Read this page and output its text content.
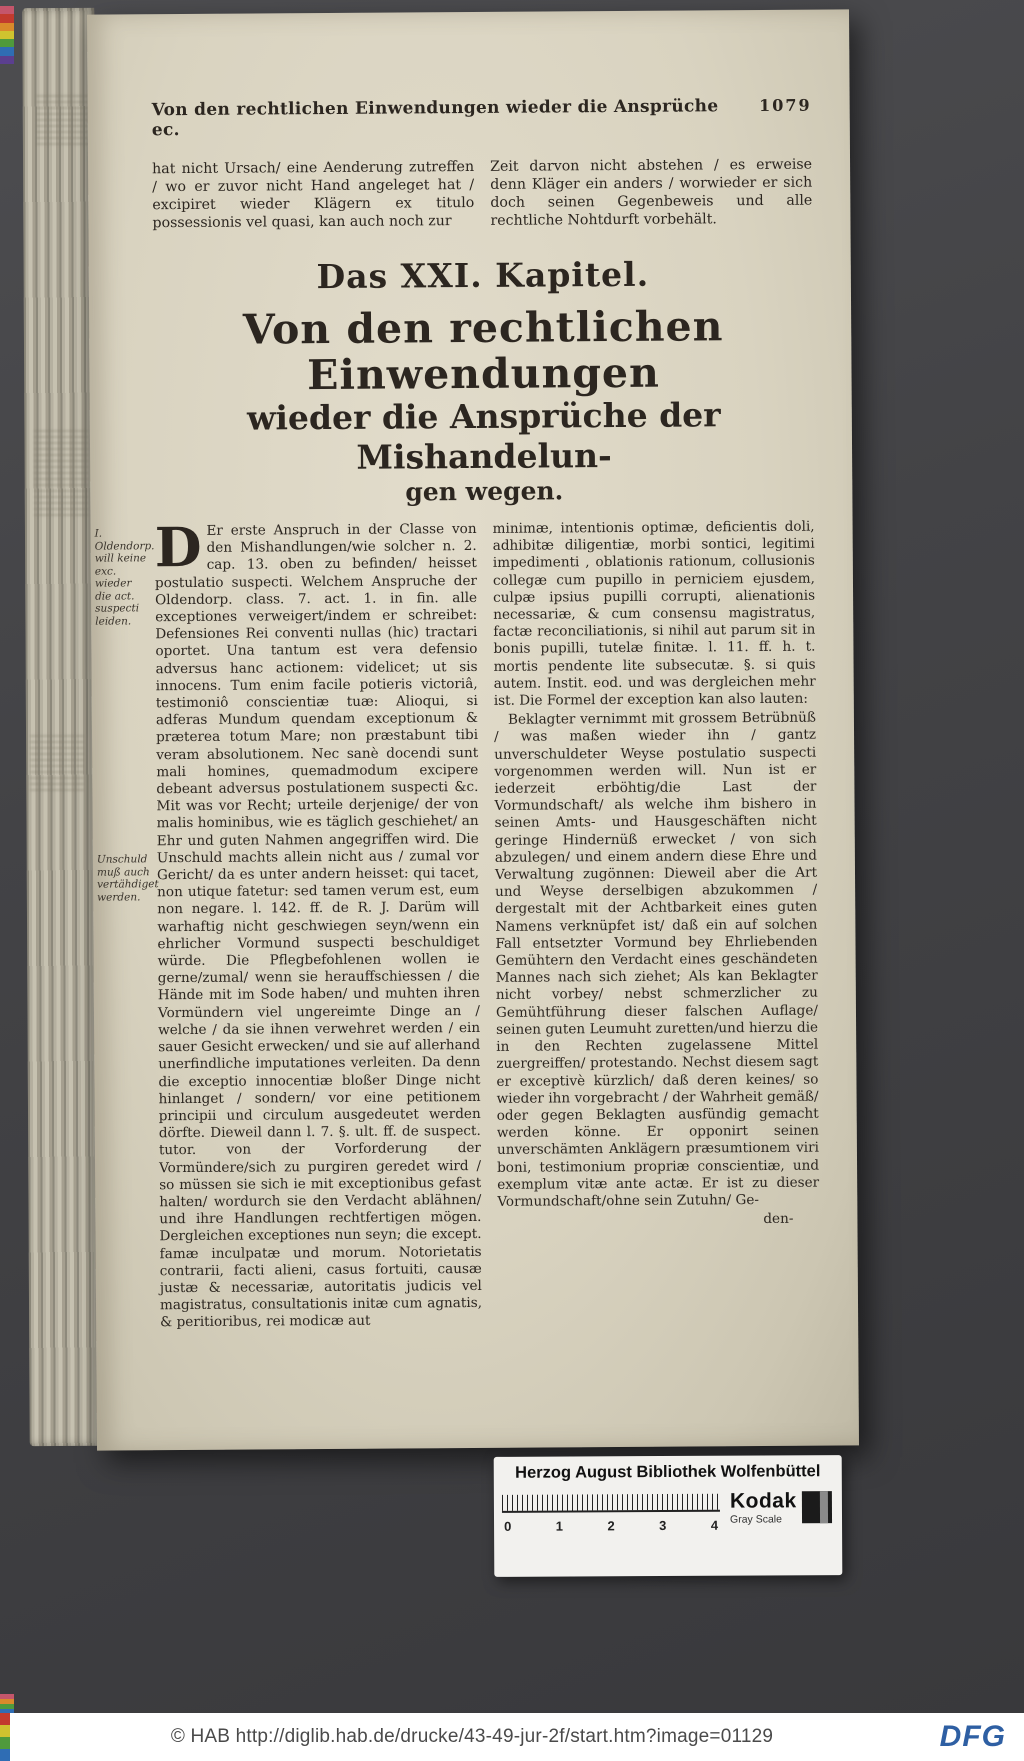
Von den rechtlichen Einwendungen wieder die Ansprüche ec.
1079
hat nicht Ursach/ eine Aenderung zutreffen / wo er zuvor nicht Hand angeleget hat / excipiret wieder Klägern ex titulo possessionis vel quasi, kan auch noch zur
Zeit darvon nicht abstehen / es erweise denn Kläger ein anders / worwieder er sich doch seinen Gegenbeweis und alle rechtliche Nohtdurft vorbehält.
Das XXI. Kapitel.
Von den rechtlichen Einwendungen
wieder die Ansprüche der Mishandelun-
gen wegen.
I. Oldendorp. will keine exc. wieder die act. suspecti leiden.
Unschuld muß auch vertähdiget werden.
D Er erste Anspruch in der Classe von den Mishandlungen/wie solcher n. 2. cap. 13. oben zu befinden/ heisset postulatio suspecti. Welchem Anspruche der Oldendorp. class. 7. act. 1. in fin. alle exceptiones verweigert/indem er schreibet: Defensiones Rei conventi nullas (hic) tractari oportet. Una tantum est vera defensio adversus hanc actionem: videlicet; ut sis innocens. Tum enim facile potieris victoriâ, testimoniô conscientiæ tuæ: Alioqui, si adferas Mundum quendam exceptionum & præterea totum Mare; non præstabunt tibi veram absolutionem. Nec sanè docendi sunt mali homines, quemadmodum excipere debeant adversus postulationem suspecti &c. Mit was vor Recht; urteile derjenige/ der von malis hominibus, wie es täglich geschiehet/ an Ehr und guten Nahmen angegriffen wird. Die Unschuld machts allein nicht aus / zumal vor Gericht/ da es unter andern heisset: qui tacet, non utique fatetur: sed tamen verum est, eum non negare. l. 142. ff. de R. J. Darüm will warhaftig nicht geschwiegen seyn/wenn ein ehrlicher Vormund suspecti beschuldiget würde. Die Pflegbefohlenen wollen ie gerne/zumal/ wenn sie herauffschiessen / die Hände mit im Sode haben/ und muhten ihren Vormündern viel ungereimte Dinge an / welche / da sie ihnen verwehret werden / ein sauer Gesicht erwecken/ und sie auf allerhand unerfindliche imputationes verleiten. Da denn die exceptio innocentiæ bloßer Dinge nicht hinlanget / sondern/ vor eine petitionem principii und circulum ausgedeutet werden dörfte. Dieweil dann l. 7. §. ult. ff. de suspect. tutor. von der Vorforderung der Vormündere/sich zu purgiren geredet wird / so müssen sie sich ie mit exceptionibus gefast halten/ wordurch sie den Verdacht ablähnen/ und ihre Handlungen rechtfertigen mögen. Dergleichen exceptiones nun seyn; die except. famæ inculpatæ und morum. Notorietatis contrarii, facti alieni, casus fortuiti, causæ justæ & necessariæ, autoritatis judicis vel magistratus, consultationis initæ cum agnatis, & peritioribus, rei modicæ aut
minimæ, intentionis optimæ, deficientis doli, adhibitæ diligentiæ, morbi sontici, legitimi impedimenti , oblationis rationum, collusionis collegæ cum pupillo in perniciem ejusdem, culpæ ipsius pupilli corrupti, alienationis necessariæ, & cum consensu magistratus, factæ reconciliationis, si nihil aut parum sit in bonis pupilli, tutelæ finitæ. l. 11. ff. h. t. mortis pendente lite subsecutæ. §. si quis autem. Instit. eod. und was dergleichen mehr ist. Die Formel der exception kan also lauten:
Beklagter vernimmt mit grossem Betrübnüß / was maßen wieder ihn / gantz unverschuldeter Weyse postulatio suspecti vorgenommen werden will. Nun ist er iederzeit erböhtig/die Last der Vormundschaft/ als welche ihm bishero in seinen Amts- und Hausgeschäften nicht geringe Hindernüß erwecket / von sich abzulegen/ und einem andern diese Ehre und Verwaltung zugönnen: Dieweil aber die Art und Weyse derselbigen abzukommen / dergestalt mit der Achtbarkeit eines guten Namens verknüpfet ist/ daß ein auf solchen Fall entsetzter Vormund bey Ehrliebenden Gemühtern den Verdacht eines geschändeten Mannes nach sich ziehet; Als kan Beklagter nicht vorbey/ nebst schmerzlicher zu Gemühtführung dieser falschen Auflage/ seinen guten Leumuht zuretten/und hierzu die in den Rechten zugelassene Mittel zuergreiffen/ protestando. Nechst diesem sagt er exceptivè kürzlich/ daß deren keines/ so wieder ihn vorgebracht / der Wahrheit gemäß/ oder gegen Beklagten ausfündig gemacht werden könne. Er opponirt seinen unverschämten Anklägern præsumtionem viri boni, testimonium propriæ conscientiæ, und exemplum vitæ ante actæ. Er ist zu dieser Vormundschaft/ohne sein Zutuhn/ Ge-
den-
Herzog August Bibliothek Wolfenbüttel
0	1	2	3	4
Kodak
Gray Scale
© HAB http://diglib.hab.de/drucke/43-49-jur-2f/start.htm?image=01129	DFG
